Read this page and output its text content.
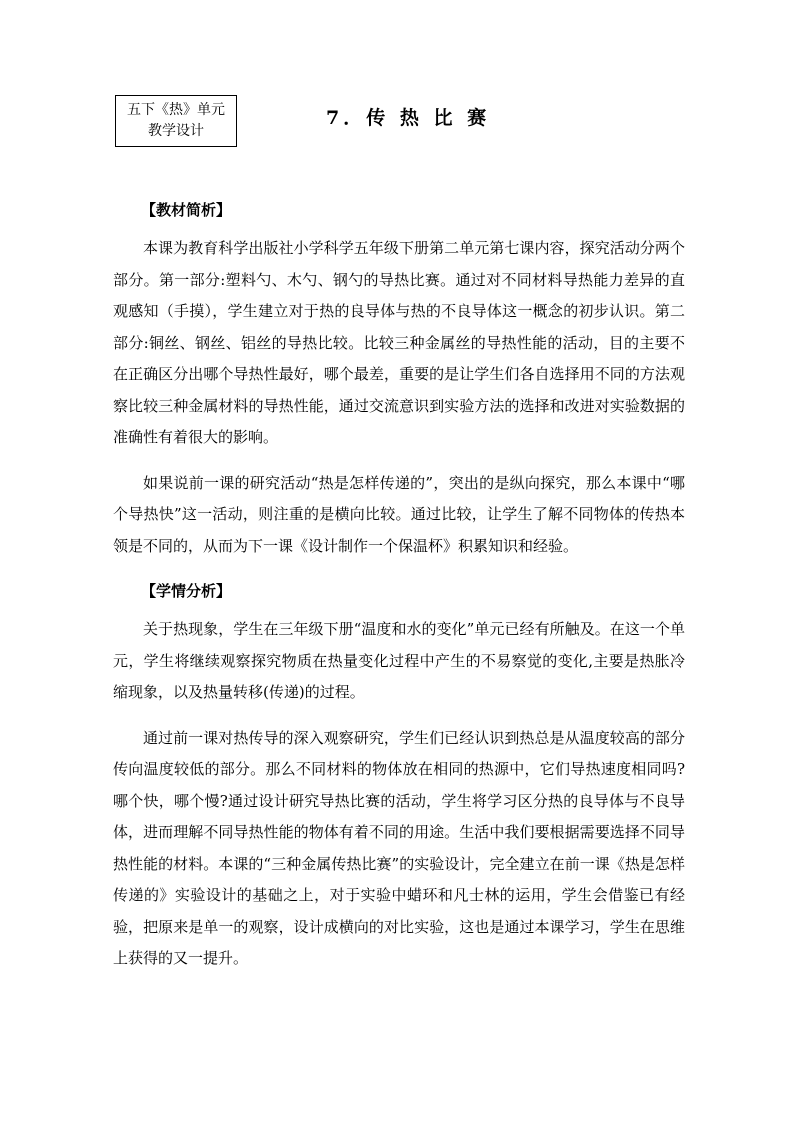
五下《热》单元
教学设计
7．传 热 比 赛
【教材简析】

本课为教育科学出版社小学科学五年级下册第二单元第七课内容，探究活动分两个部分。第一部分:塑料勺、木勺、钢勺的导热比赛。通过对不同材料导热能力差异的直观感知（手摸），学生建立对于热的良导体与热的不良导体这一概念的初步认识。第二部分:铜丝、钢丝、铝丝的导热比较。比较三种金属丝的导热性能的活动，目的主要不在正确区分出哪个导热性最好，哪个最差，重要的是让学生们各自选择用不同的方法观察比较三种金属材料的导热性能，通过交流意识到实验方法的选择和改进对实验数据的准确性有着很大的影响。

如果说前一课的研究活动“热是怎样传递的”，突出的是纵向探究，那么本课中“哪个导热快”这一活动，则注重的是横向比较。通过比较，让学生了解不同物体的传热本领是不同的，从而为下一课《设计制作一个保温杯》积累知识和经验。

【学情分析】

关于热现象，学生在三年级下册“温度和水的变化”单元已经有所触及。在这一个单元，学生将继续观察探究物质在热量变化过程中产生的不易察觉的变化,主要是热胀冷缩现象，以及热量转移(传递)的过程。

通过前一课对热传导的深入观察研究，学生们已经认识到热总是从温度较高的部分传向温度较低的部分。那么不同材料的物体放在相同的热源中，它们导热速度相同吗?哪个快，哪个慢?通过设计研究导热比赛的活动，学生将学习区分热的良导体与不良导体，进而理解不同导热性能的物体有着不同的用途。生活中我们要根据需要选择不同导热性能的材料。本课的“三种金属传热比赛”的实验设计，完全建立在前一课《热是怎样传递的》实验设计的基础之上，对于实验中蜡环和凡士林的运用，学生会借鉴已有经验，把原来是单一的观察，设计成横向的对比实验，这也是通过本课学习，学生在思维上获得的又一提升。
